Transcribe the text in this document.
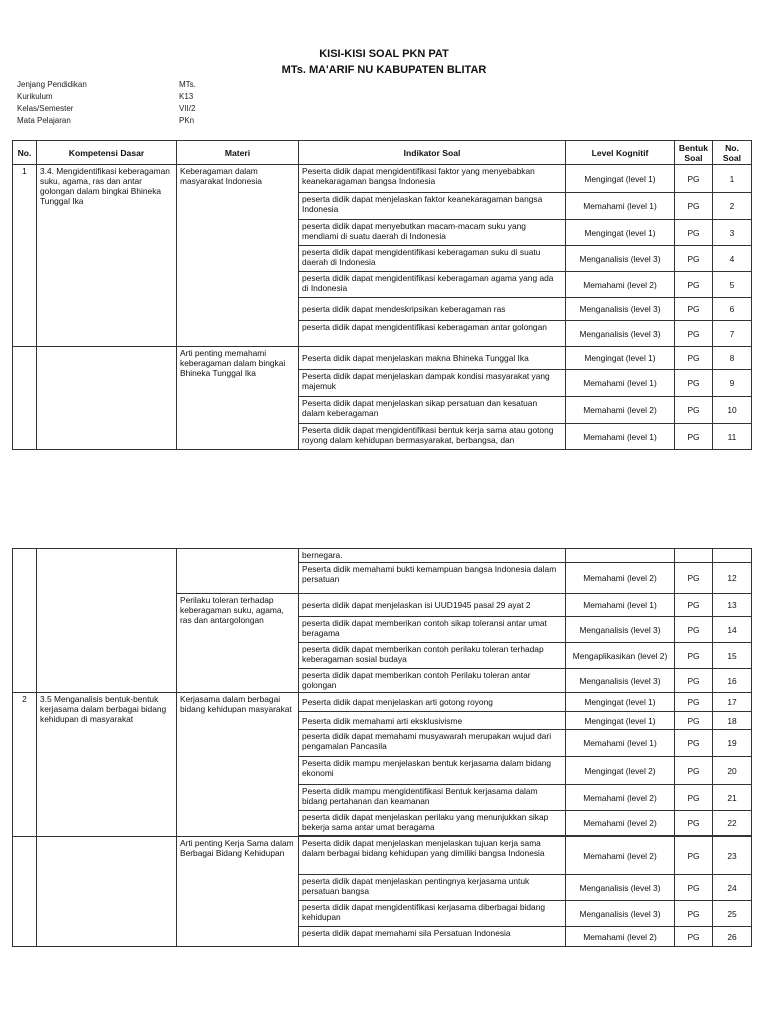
KISI-KISI SOAL PKN PAT
MTs. MA'ARIF NU KABUPATEN BLITAR
Jenjang Pendidikan	MTs.
Kurikulum	K13
Kelas/Semester	VII/2
Mata Pelajaran	PKn
No.	Kompetensi Dasar	Materi	Indikator Soal	Level Kognitif	Bentuk Soal	No. Soal
1	3.4. Mengidentifikasi keberagaman suku, agama, ras dan antar golongan dalam bingkai Bhineka Tunggal Ika	Keberagaman dalam masyarakat Indonesia	Peserta didik dapat mengidentifikasi faktor yang menyebabkan keanekaragaman bangsa Indonesia	Mengingat (level 1)	PG	1
			peserta didik dapat menjelaskan faktor keanekaragaman bangsa Indonesia	Memahami (level 1)	PG	2
			peserta didik dapat menyebutkan macam-macam suku yang mendiami di suatu daerah di Indonesia	Mengingat (level 1)	PG	3
			peserta didik dapat mengidentifikasi keberagaman suku di suatu daerah di Indonesia	Menganalisis (level 3)	PG	4
			peserta didik dapat mengidentifikasi keberagaman agama yang ada di Indonesia	Memahami (level 2)	PG	5
			peserta didik dapat mendeskripsikan keberagaman ras	Menganalisis (level 3)	PG	6
			peserta didik dapat mengidentifikasi keberagaman antar golongan	Menganalisis (level 3)	PG	7
		Arti penting memahami keberagaman dalam bingkai Bhineka Tunggal Ika	Peserta didik dapat menjelaskan makna Bhineka Tunggal Ika	Mengingat (level 1)	PG	8
			Peserta didik dapat menjelaskan dampak kondisi masyarakat yang majemuk	Memahami (level 1)	PG	9
			Peserta didik dapat menjelaskan sikap persatuan dan kesatuan dalam keberagaman	Memahami (level 2)	PG	10
			Peserta didik dapat mengidentifikasi bentuk kerja sama atau gotong royong dalam kehidupan bermasyarakat, berbangsa, dan	Memahami (level 1)	PG	11
			bernegara.			
			Peserta didik memahami bukti kemampuan bangsa Indonesia dalam persatuan	Memahami (level 2)	PG	12
		Perilaku toleran terhadap keberagaman suku, agama, ras dan antargolongan	peserta didik dapat menjelaskan isi UUD1945 pasal 29 ayat 2	Memahami (level 1)	PG	13
			peserta didik dapat memberikan contoh sikap toleransi antar umat beragama	Menganalisis (level 3)	PG	14
			peserta didik dapat memberikan contoh perilaku toleran terhadap keberagaman sosial budaya	Mengaplikasikan (level 2)	PG	15
			peserta didik dapat memberikan contoh Perilaku toleran antar golongan	Menganalisis (level 3)	PG	16
2	3.5 Menganalisis bentuk-bentuk kerjasama dalam berbagai bidang kehidupan di masyarakat	Kerjasama dalam berbagai bidang kehidupan masyarakat	Peserta didik dapat menjelaskan arti gotong royong	Mengingat (level 1)	PG	17
			Peserta didik memahami arti eksklusivisme	Mengingat (level 1)	PG	18
			peserta didik dapat memahami musyawarah merupakan wujud dari pengamalan Pancasila	Memahami (level 1)	PG	19
			Peserta didik mampu menjelaskan bentuk kerjasama dalam bidang ekonomi	Mengingat (level 2)	PG	20
			Peserta didik mampu mengidentifikasi Bentuk kerjasama dalam bidang pertahanan dan keamanan	Memahami (level 2)	PG	21
			peserta didik dapat menjelaskan perilaku yang menunjukkan sikap bekerja sama antar umat beragama	Memahami (level 2)	PG	22

		Arti penting Kerja Sama dalam Berbagai Bidang Kehidupan	Peserta didik dapat menjelaskan menjelaskan tujuan kerja sama dalam berbagai bidang kehidupan yang dimiliki bangsa Indonesia	Memahami (level 2)	PG	23
			peserta didik dapat menjelaskan pentingnya kerjasama untuk persatuan bangsa	Menganalisis (level 3)	PG	24
			peserta didik dapat mengidentifikasi kerjasama diberbagai bidang kehidupan	Menganalisis (level 3)	PG	25
			peserta didik dapat memahami sila Persatuan Indonesia	Memahami (level 2)	PG	26
